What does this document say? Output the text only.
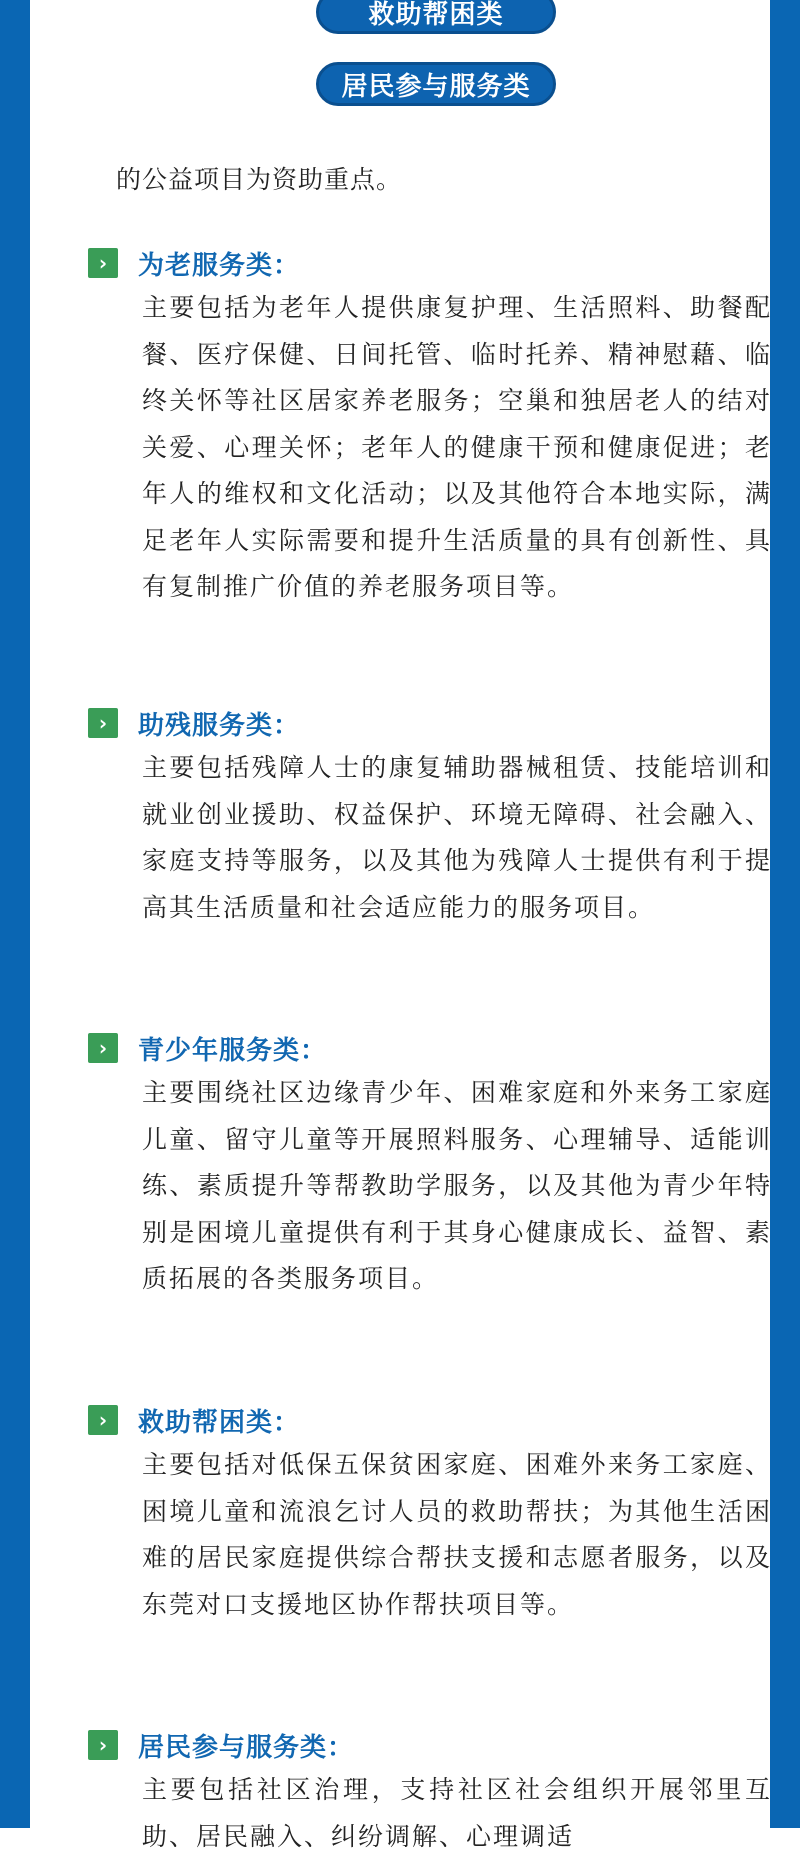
救助帮困类
居民参与服务类
的公益项目为资助重点。
›	为老服务类：
主要包括为老年人提供康复护理、生活照料、助餐配餐、医疗保健、日间托管、临时托养、精神慰藉、临终关怀等社区居家养老服务；空巢和独居老人的结对关爱、心理关怀；老年人的健康干预和健康促进；老年人的维权和文化活动；以及其他符合本地实际，满足老年人实际需要和提升生活质量的具有创新性、具有复制推广价值的养老服务项目等。
›	助残服务类：
主要包括残障人士的康复辅助器械租赁、技能培训和就业创业援助、权益保护、环境无障碍、社会融入、家庭支持等服务，以及其他为残障人士提供有利于提高其生活质量和社会适应能力的服务项目。
›	青少年服务类：
主要围绕社区边缘青少年、困难家庭和外来务工家庭儿童、留守儿童等开展照料服务、心理辅导、适能训练、素质提升等帮教助学服务，以及其他为青少年特别是困境儿童提供有利于其身心健康成长、益智、素质拓展的各类服务项目。
›	救助帮困类：
主要包括对低保五保贫困家庭、困难外来务工家庭、困境儿童和流浪乞讨人员的救助帮扶；为其他生活困难的居民家庭提供综合帮扶支援和志愿者服务，以及东莞对口支援地区协作帮扶项目等。
›	居民参与服务类：
主要包括社区治理，支持社区社会组织开展邻里互助、居民融入、纠纷调解、心理调适
